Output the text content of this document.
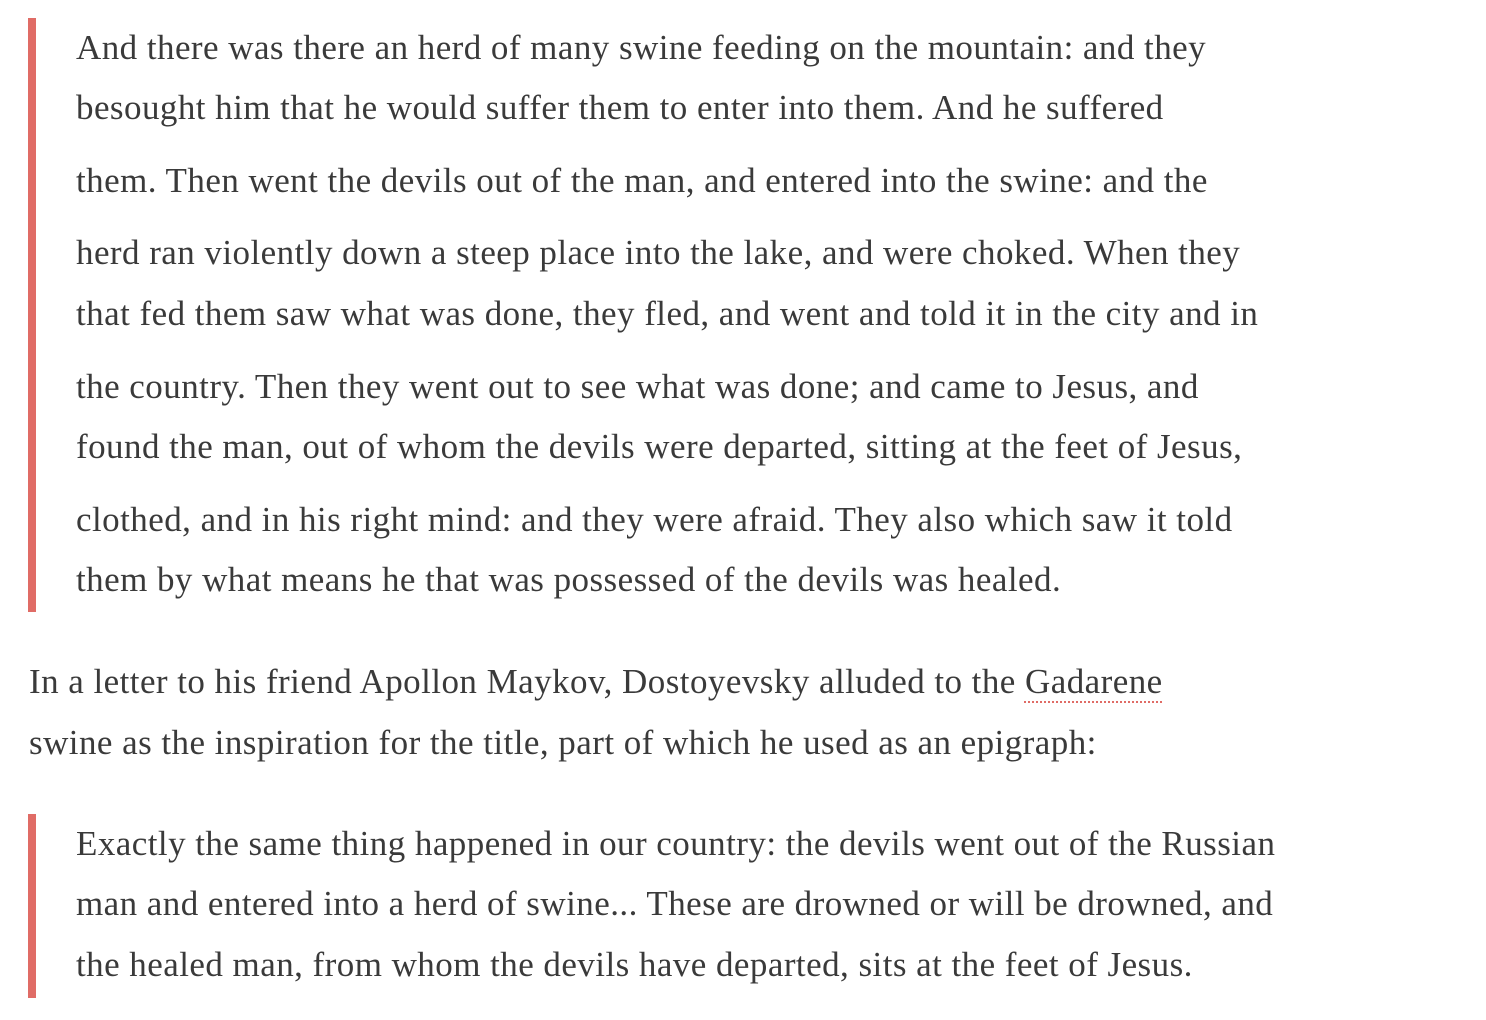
And there was there an herd of many swine feeding on the mountain: and they
besought him that he would suffer them to enter into them. And he suffered
them. Then went the devils out of the man, and entered into the swine: and the
herd ran violently down a steep place into the lake, and were choked. When they
that fed them saw what was done, they fled, and went and told it in the city and in
the country. Then they went out to see what was done; and came to Jesus, and
found the man, out of whom the devils were departed, sitting at the feet of Jesus,
clothed, and in his right mind: and they were afraid. They also which saw it told
them by what means he that was possessed of the devils was healed.
In a letter to his friend Apollon Maykov, Dostoyevsky alluded to the Gadarene
swine as the inspiration for the title, part of which he used as an epigraph:
Exactly the same thing happened in our country: the devils went out of the Russian
man and entered into a herd of swine... These are drowned or will be drowned, and
the healed man, from whom the devils have departed, sits at the feet of Jesus.
